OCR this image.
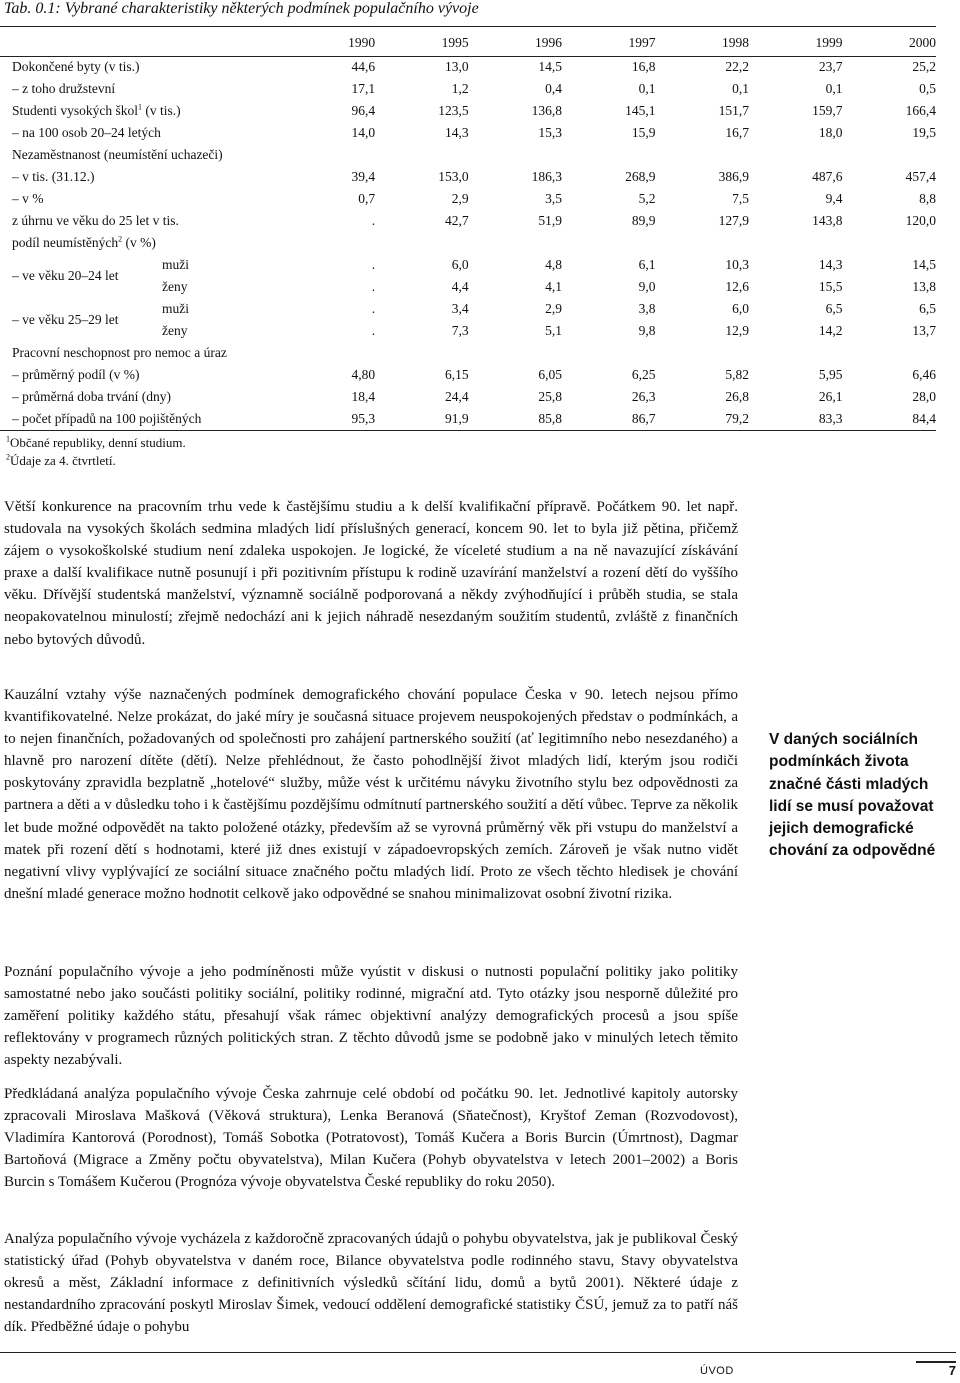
Tab. 0.1: Vybrané charakteristiky některých podmínek populačního vývoje
	1990	1995	1996	1997	1998	1999	2000
Dokončené byty (v tis.)	44,6	13,0	14,5	16,8	22,2	23,7	25,2
– z toho družstevní	17,1	1,2	0,4	0,1	0,1	0,1	0,5
Studenti vysokých škol$^1$ (v tis.)	96,4	123,5	136,8	145,1	151,7	159,7	166,4
– na 100 osob 20–24 letých	14,0	14,3	15,3	15,9	16,7	18,0	19,5
Nezaměstnanost (neumístění uchazeči)							
– v tis. (31.12.)	39,4	153,0	186,3	268,9	386,9	487,6	457,4
– v %	0,7	2,9	3,5	5,2	7,5	9,4	8,8
z úhrnu ve věku do 25 let v tis.	.	42,7	51,9	89,9	127,9	143,8	120,0
podíl neumístěných$^2$ (v %)							

– ve věku 20–24 let
muži	.	6,0	4,8	6,1	10,3	14,3	14,5

ženy	.	4,4	4,1	9,0	12,6	15,5	13,8

– ve věku 25–29 let
muži	.	3,4	2,9	3,8	6,0	6,5	6,5

ženy	.	7,3	5,1	9,8	12,9	14,2	13,7
Pracovní neschopnost pro nemoc a úraz							
– průměrný podíl (v %)	4,80	6,15	6,05	6,25	5,82	5,95	6,46
– průměrná doba trvání (dny)	18,4	24,4	25,8	26,3	26,8	26,1	28,0
– počet případů na 100 pojištěných	95,3	91,9	85,8	86,7	79,2	83,3	84,4
$^1$Občané republiky, denní studium.
$^2$Údaje za 4. čtvrtletí.
Větší konkurence na pracovním trhu vede k častějšímu studiu a k delší kvalifikační přípravě. Počátkem 90. let např. studovala na vysokých školách sedmina mladých lidí příslušných generací, koncem 90. let to byla již pětina, přičemž zájem o vysokoškolské studium není zdaleka uspokojen. Je logické, že víceleté studium a na ně navazující získávání praxe a další kvalifikace nutně posunují i při pozitivním přístupu k rodině uzavírání manželství a rození dětí do vyššího věku. Dřívější studentská manželství, významně sociálně podporovaná a někdy zvýhodňující i průběh studia, se stala neopakovatelnou minulostí; zřejmě nedochází ani k jejich náhradě nesezdaným soužitím studentů, zvláště z finančních nebo bytových důvodů.
Kauzální vztahy výše naznačených podmínek demografického chování populace Česka v 90. letech nejsou přímo kvantifikovatelné. Nelze prokázat, do jaké míry je současná situace projevem neuspokojených představ o podmínkách, a to nejen finančních, požadovaných od společnosti pro zahájení partnerského soužití (ať legitimního nebo nesezdaného) a hlavně pro narození dítěte (dětí). Nelze přehlédnout, že často pohodlnější život mladých lidí, kterým jsou rodiči poskytovány zpravidla bezplatně „hotelové“ služby, může vést k určitému návyku životního stylu bez odpovědnosti za partnera a děti a v důsledku toho i k častějšímu pozdějšímu odmítnutí partnerského soužití a dětí vůbec. Teprve za několik let bude možné odpovědět na takto položené otázky, především až se vyrovná průměrný věk při vstupu do manželství a matek při rození dětí s hodnotami, které již dnes existují v západoevropských zemích. Zároveň je však nutno vidět negativní vlivy vyplývající ze sociální situace značného počtu mladých lidí. Proto ze všech těchto hledisek je chování dnešní mladé generace možno hodnotit celkově jako odpovědné se snahou minimalizovat osobní životní rizika.
Poznání populačního vývoje a jeho podmíněnosti může vyústit v diskusi o nutnosti populační politiky jako politiky samostatné nebo jako součásti politiky sociální, politiky rodinné, migrační atd. Tyto otázky jsou nesporně důležité pro zaměření politiky každého státu, přesahují však rámec objektivní analýzy demografických procesů a jsou spíše reflektovány v programech různých politických stran. Z těchto důvodů jsme se podobně jako v minulých letech těmito aspekty nezabývali.
Předkládaná analýza populačního vývoje Česka zahrnuje celé období od počátku 90. let. Jednotlivé kapitoly autorsky zpracovali Miroslava Mašková (Věková struktura), Lenka Beranová (Sňatečnost), Kryštof Zeman (Rozvodovost), Vladimíra Kantorová (Porodnost), Tomáš Sobotka (Potratovost), Tomáš Kučera a Boris Burcin (Úmrtnost), Dagmar Bartoňová (Migrace a Změny počtu obyvatelstva), Milan Kučera (Pohyb obyvatelstva v letech 2001–2002) a Boris Burcin s Tomášem Kučerou (Prognóza vývoje obyvatelstva České republiky do roku 2050).
Analýza populačního vývoje vycházela z každoročně zpracovaných údajů o pohybu obyvatelstva, jak je publikoval Český statistický úřad (Pohyb obyvatelstva v daném roce, Bilance obyvatelstva podle rodinného stavu, Stavy obyvatelstva okresů a měst, Základní informace z definitivních výsledků sčítání lidu, domů a bytů 2001). Některé údaje z nestandardního zpracování poskytl Miroslav Šimek, vedoucí oddělení demografické statistiky ČSÚ, jemuž za to patří náš dík. Předběžné údaje o pohybu
V daných sociálních podmínkách života značné části mladých lidí se musí považovat jejich demografické chování za odpovědné
ÚVOD	7
